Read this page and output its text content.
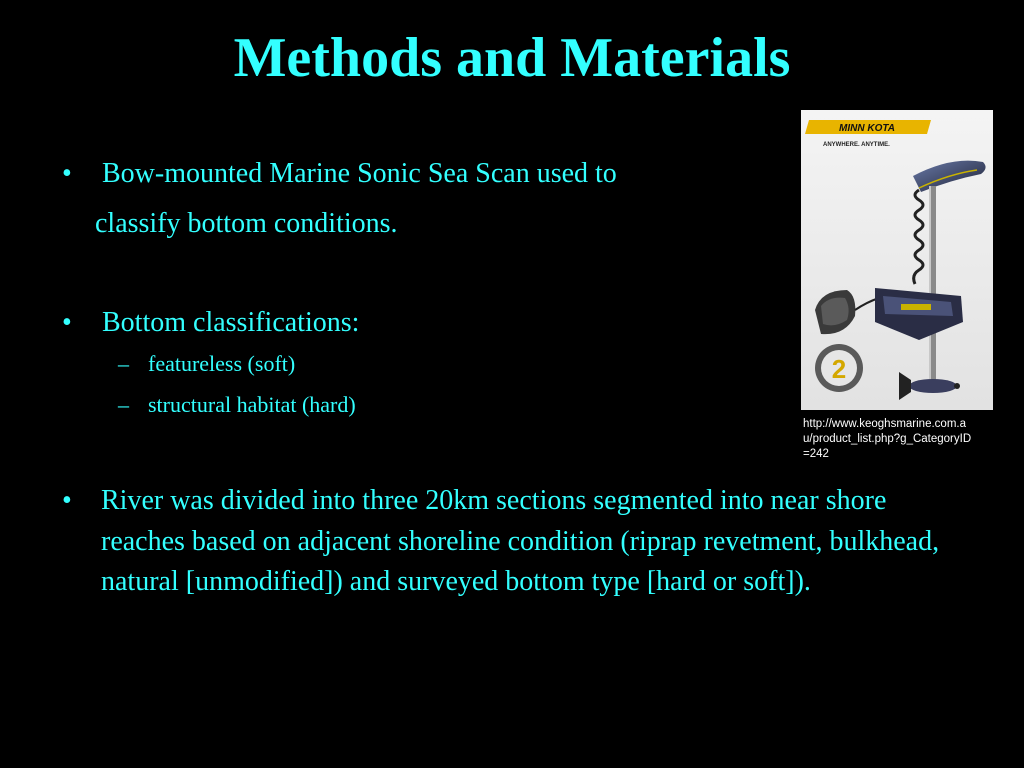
Methods and Materials
• Bow-mounted Marine Sonic Sea Scan used to
classify bottom conditions.
• Bottom classifications:
– featureless (soft)
– structural habitat (hard)
• River was divided into three 20km sections segmented into near shore reaches based on adjacent shoreline condition (riprap revetment, bulkhead, natural [unmodified]) and surveyed bottom type [hard or soft]).
MINN KOTA
ANYWHERE. ANYTIME.
2
http://www.keoghsmarine.com.au/product_list.php?g_CategoryID=242
